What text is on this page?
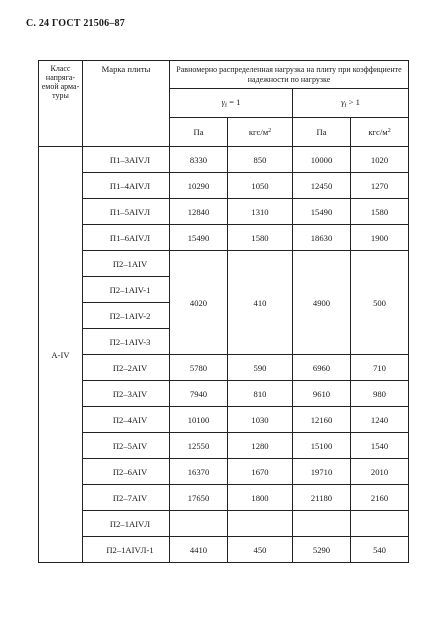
С. 24 ГОСТ 21506–87
Класс напряга-емой арма-туры	Марка плиты	Равномерно распределенная нагрузка на плиту при коэффициенте надежности по нагрузке			
		$\gamma_f = 1$		$\gamma_f > 1$	
		Па	кгс/$м^2$	Па	кгс/$м^2$
A-IV	П1–3AIVЛ	8330	850	10000	1020
	П1–4AIVЛ	10290	1050	12450	1270
	П1–5AIVЛ	12840	1310	15490	1580
	П1–6AIVЛ	15490	1580	18630	1900
	П2–1AIV	4020	410	4900	500
	П2–1AIV-1				
	П2–1AIV-2				
	П2–1AIV-3				
	П2–2AIV	5780	590	6960	710
	П2–3AIV	7940	810	9610	980
	П2–4AIV	10100	1030	12160	1240
	П2–5AIV	12550	1280	15100	1540
	П2–6AIV	16370	1670	19710	2010
	П2–7AIV	17650	1800	21180	2160
	П2–1AIVЛ				
	П2–1AIVЛ-1	4410	450	5290	540
